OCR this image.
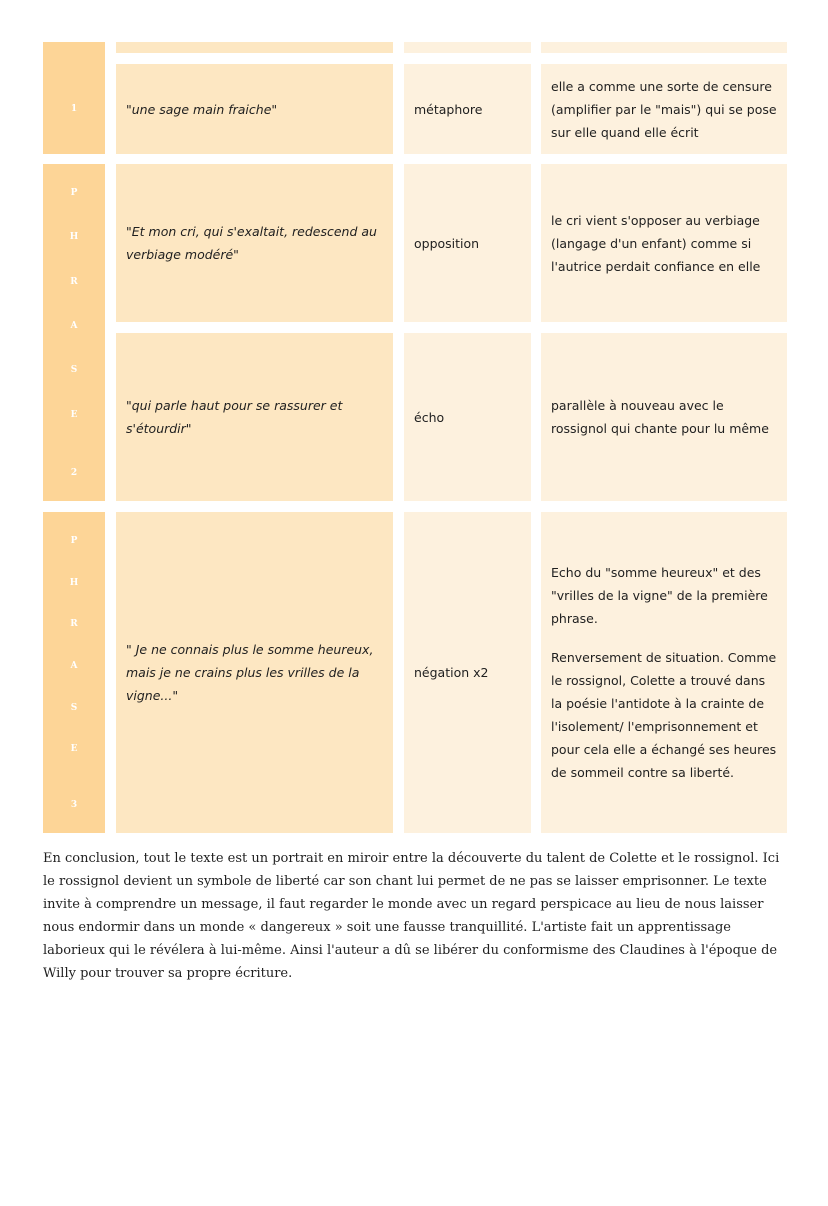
1	"une sage main fraiche"	métaphore

elle a comme une sorte de censure (amplifier par le "mais") qui se pose sur elle quand elle écrit

P
H
R
A
S
E
2
"Et mon cri, qui s'exaltait, redescend au verbiage modéré"
opposition

le cri vient s'opposer au verbiage (langage d'un enfant) comme si l'autrice perdait confiance en elle

"qui parle haut pour se rassurer et s'étourdir"
écho

parallèle à nouveau avec le rossignol qui chante pour lu même

P
H
R
A
S
E
3
" Je ne connais plus le somme heureux, mais je ne crains plus les vrilles de la vigne..."
négation x2

Echo du "somme heureux" et des "vrilles de la vigne" de la première phrase.

Renversement de situation. Comme le rossignol, Colette a trouvé dans la poésie l'antidote à la crainte de l'isolement/ l'emprisonnement et pour cela elle a échangé ses heures de sommeil contre sa liberté.

En conclusion, tout le texte est un portrait en miroir entre la découverte du talent de Colette et le rossignol. Ici le rossignol devient un symbole de liberté car son chant lui permet de ne pas se laisser emprisonner. Le texte invite à comprendre un message, il faut regarder le monde avec un regard perspicace au lieu de nous laisser nous endormir dans un monde « dangereux » soit une fausse tranquillité. L'artiste fait un apprentissage laborieux qui le révélera à lui-même. Ainsi l'auteur a dû se libérer du conformisme des Claudines à l'époque de Willy pour trouver sa propre écriture.
